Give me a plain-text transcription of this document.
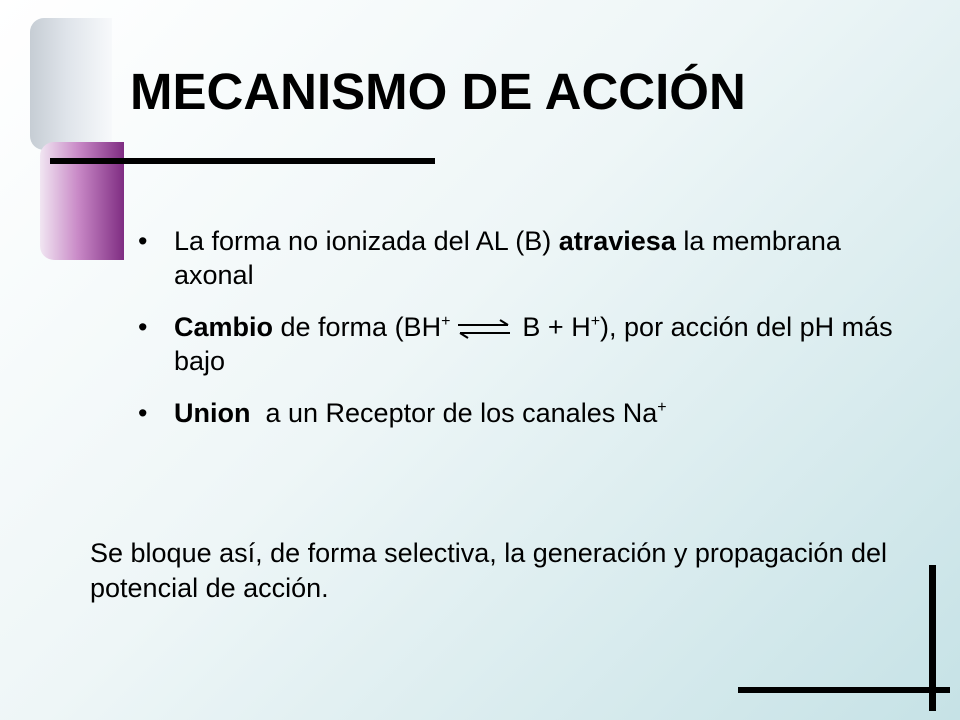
MECANISMO DE ACCIÓN
• La forma no ionizada del AL (B) atraviesa la membrana axonal
• Cambio de forma (BH+ ⇌ B + H+), por acción del pH más bajo
• Union  a un Receptor de los canales Na+

Se bloque así, de forma selectiva, la generación y propagación del potencial de acción.
